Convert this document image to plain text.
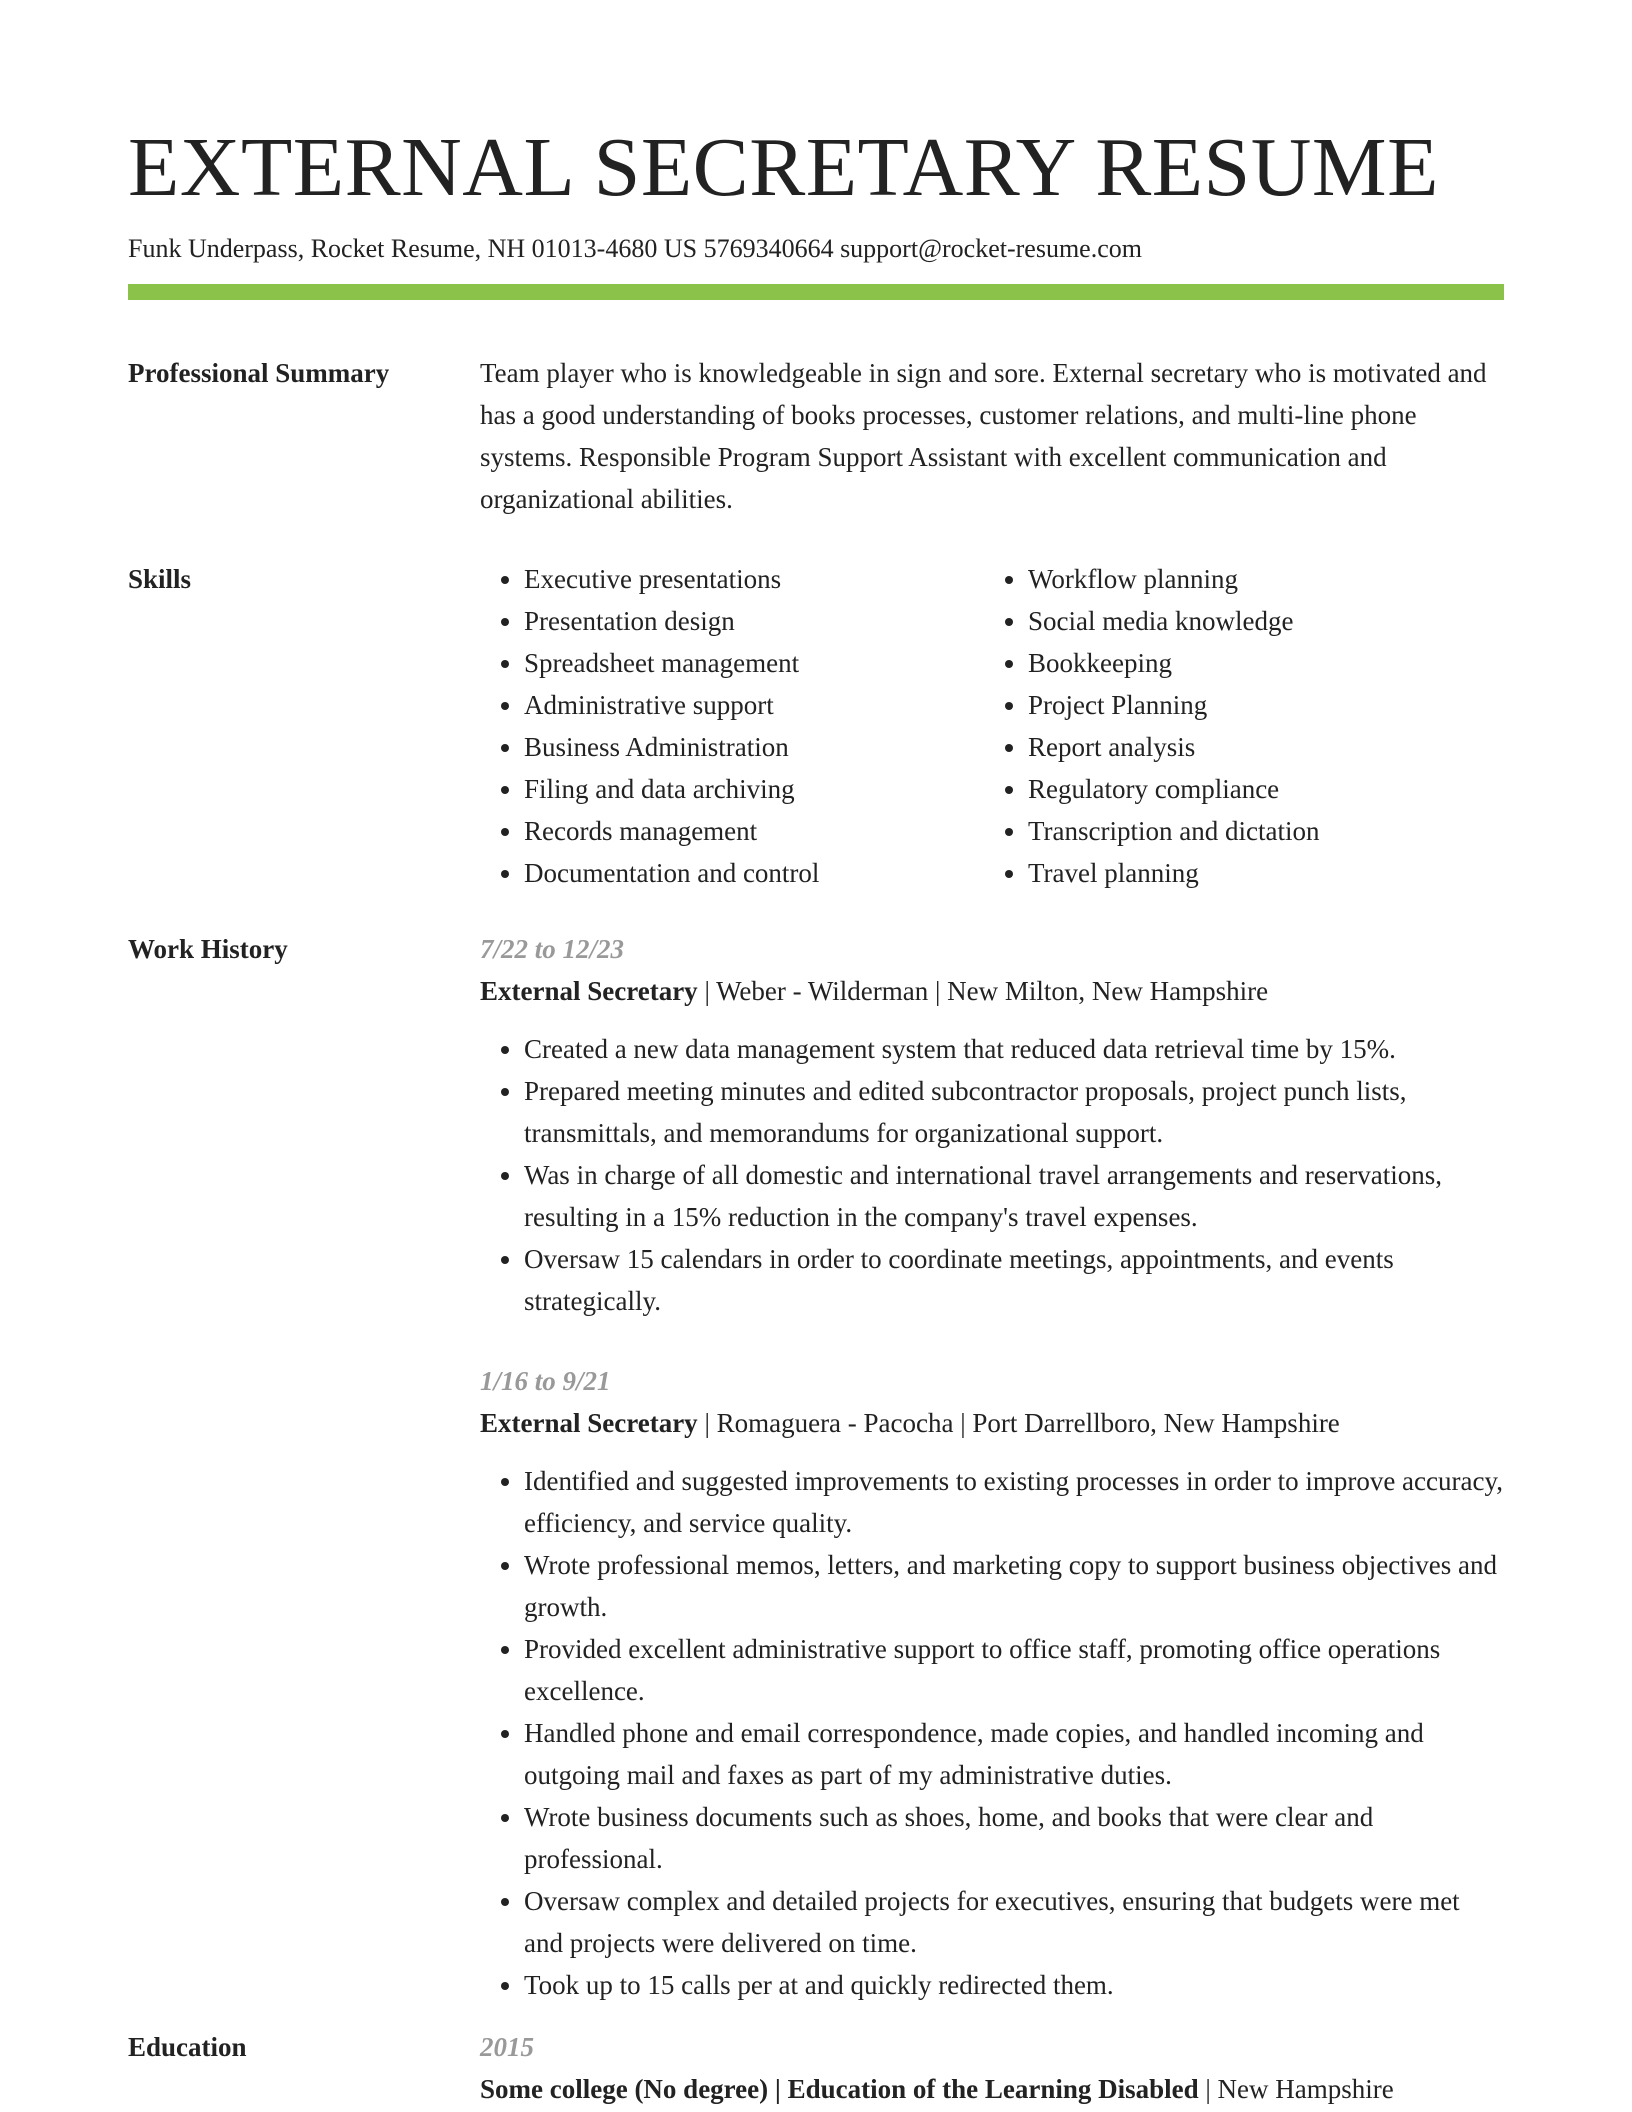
EXTERNAL SECRETARY RESUME
Funk Underpass, Rocket Resume, NH 01013-4680 US 5769340664 support@rocket-resume.com
Professional Summary	Team player who is knowledgeable in sign and sore. External secretary who is motivated and has a good understanding of books processes, customer relations, and multi-line phone systems. Responsible Program Support Assistant with excellent communication and organizational abilities.

Skills
•	Executive presentations
• Presentation design
• Spreadsheet management
• Administrative support
• Business Administration
• Filing and data archiving
• Records management
• Documentation and control
• Workflow planning
• Social media knowledge
• Bookkeeping
• Project Planning
• Report analysis
• Regulatory compliance
• Transcription and dictation
• Travel planning
Work History	7/22 to 12/23
External Secretary | Weber - Wilderman | New Milton, New Hampshire
• Created a new data management system that reduced data retrieval time by 15%.
• Prepared meeting minutes and edited subcontractor proposals, project punch lists, transmittals, and memorandums for organizational support.
• Was in charge of all domestic and international travel arrangements and reservations, resulting in a 15% reduction in the company's travel expenses.
• Oversaw 15 calendars in order to coordinate meetings, appointments, and events strategically.
1/16 to 9/21
External Secretary | Romaguera - Pacocha | Port Darrellboro, New Hampshire
• Identified and suggested improvements to existing processes in order to improve accuracy, efficiency, and service quality.
• Wrote professional memos, letters, and marketing copy to support business objectives and growth.
• Provided excellent administrative support to office staff, promoting office operations excellence.
• Handled phone and email correspondence, made copies, and handled incoming and outgoing mail and faxes as part of my administrative duties.
• Wrote business documents such as shoes, home, and books that were clear and professional.
• Oversaw complex and detailed projects for executives, ensuring that budgets were met and projects were delivered on time.
• Took up to 15 calls per at and quickly redirected them.
Education	2015
Some college (No degree) | Education of the Learning Disabled | New Hampshire
